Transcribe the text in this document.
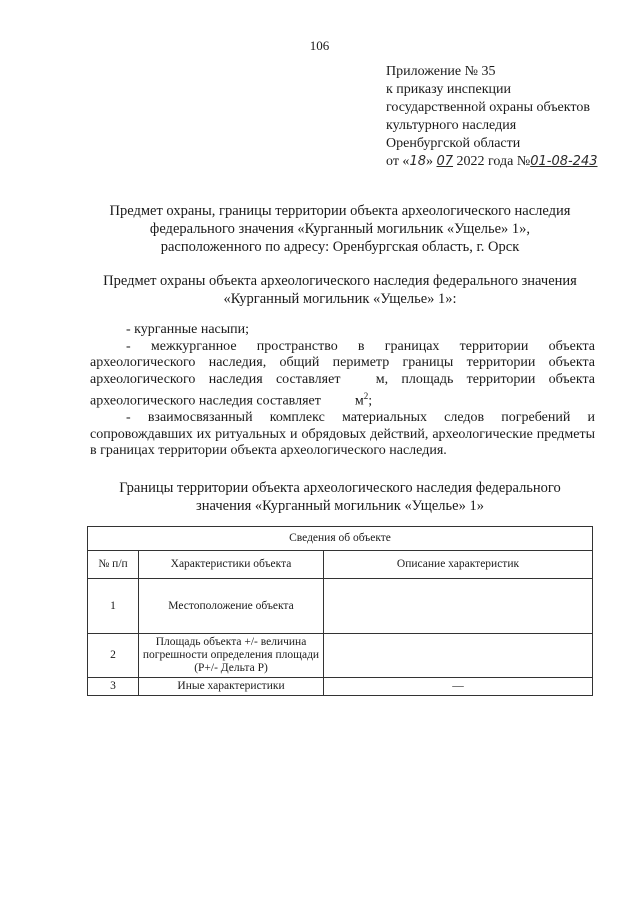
106
Приложение № 35
к приказу инспекции
государственной охраны объектов
культурного наследия
Оренбургской области
от «18» 07 2022 года №01-08-243
Предмет охраны, границы территории объекта археологического наследия
федерального значения «Курганный могильник «Ущелье» 1»,
расположенного по адресу: Оренбургская область, г. Орск
Предмет охраны объекта археологического наследия федерального значения
«Курганный могильник «Ущелье» 1»:

- курганные насыпи;

- межкурганное пространство в границах территории объекта археологического наследия, общий периметр границы территории объекта археологического наследия составляет	м, площадь территории объекта археологического наследия составляет $м^2$;

- взаимосвязанный комплекс материальных следов погребений и сопровождавших их ритуальных и обрядовых действий, археологические предметы в границах территории объекта археологического наследия.

Границы территории объекта археологического наследия федерального
значения «Курганный могильник «Ущелье» 1»
Сведения об объекте		
№ п/п	Характеристики объекта	Описание характеристик
1	Местоположение объекта	
2	Площадь объекта +/- величина погрешности определения площади (P+/- Дельта P)	
3	Иные характеристики	—
